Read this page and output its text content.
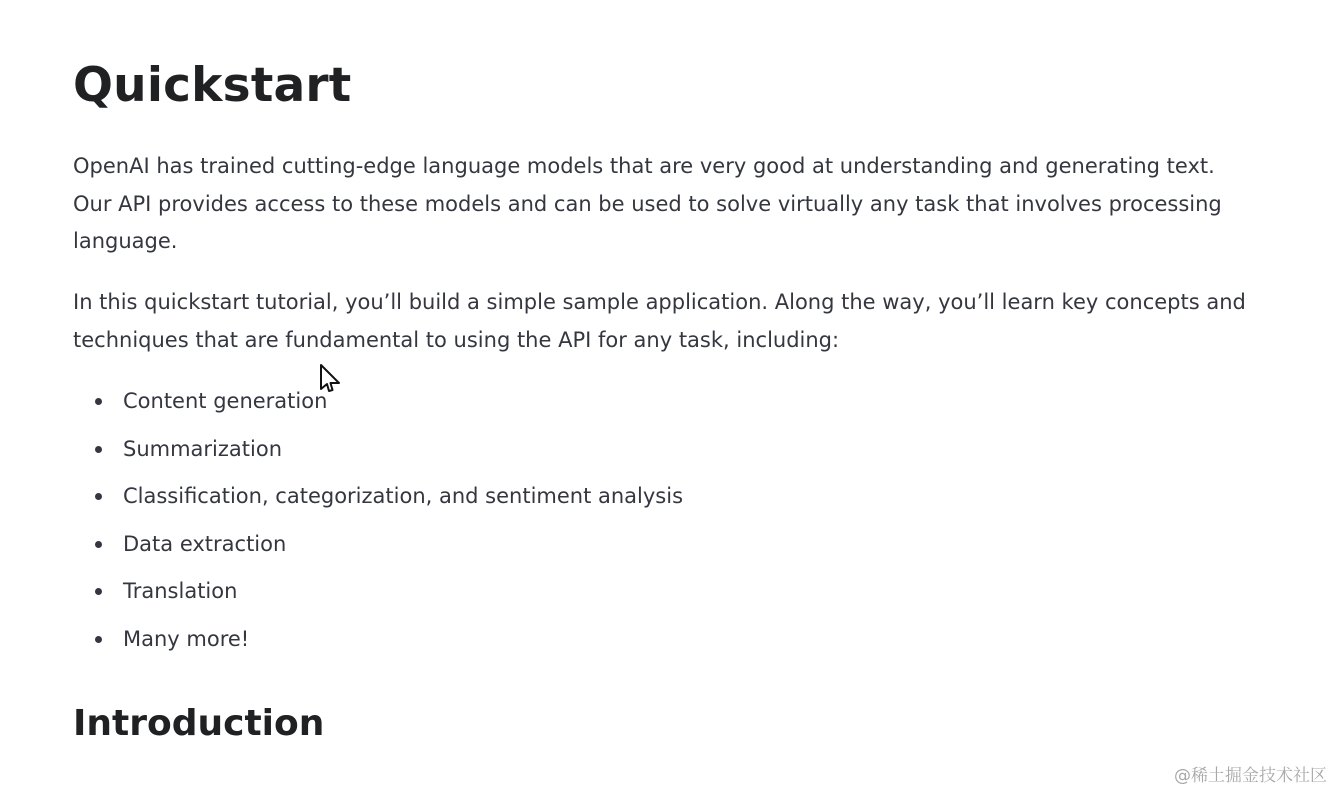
Quickstart

OpenAI has trained cutting-edge language models that are very good at understanding and generating text. Our API provides access to these models and can be used to solve virtually any task that involves processing language.

In this quickstart tutorial, you’ll build a simple sample application. Along the way, you’ll learn key concepts and techniques that are fundamental to using the API for any task, including:

Content generation
Summarization
Classification, categorization, and sentiment analysis
Data extraction
Translation
Many more!
Introduction

@稀土掘金技术社区
